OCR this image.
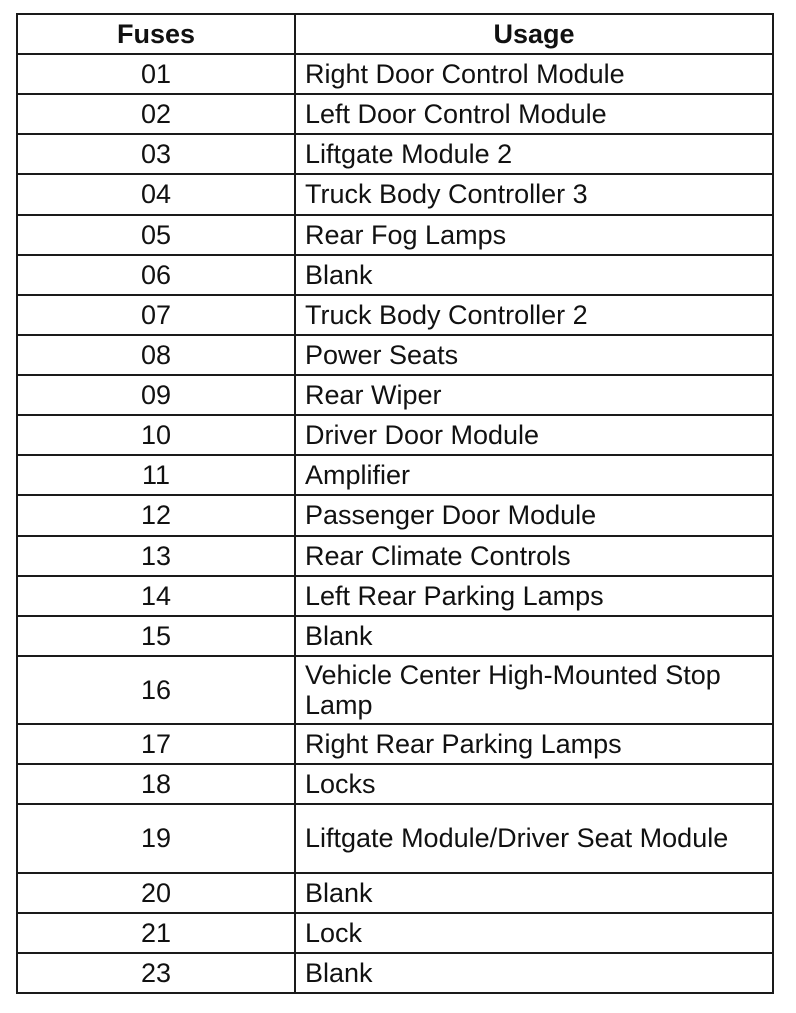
Fuses	Usage
01	Right Door Control Module
02	Left Door Control Module
03	Liftgate Module 2
04	Truck Body Controller 3
05	Rear Fog Lamps
06	Blank
07	Truck Body Controller 2
08	Power Seats
09	Rear Wiper
10	Driver Door Module
11	Amplifier
12	Passenger Door Module
13	Rear Climate Controls
14	Left Rear Parking Lamps
15	Blank
16	Vehicle Center High-Mounted Stop Lamp
17	Right Rear Parking Lamps
18	Locks
19	Liftgate Module/Driver Seat Module
20	Blank
21	Lock
23	Blank
